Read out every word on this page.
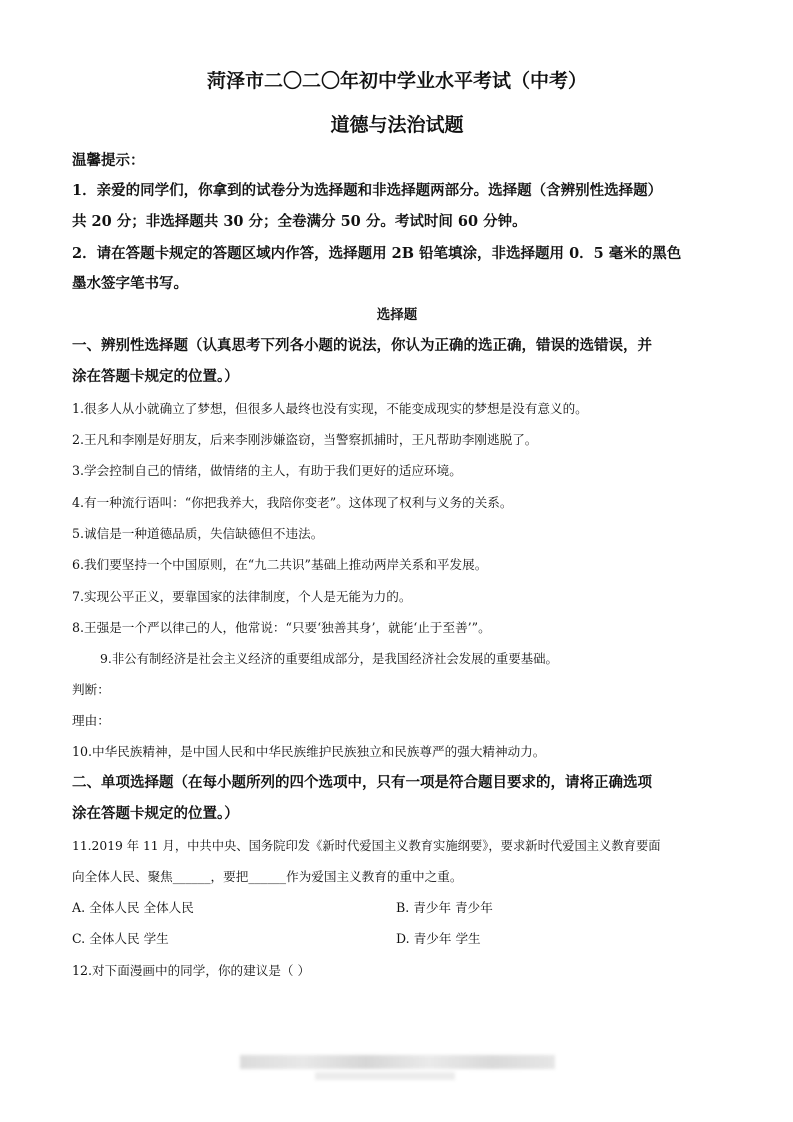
菏泽市二〇二〇年初中学业水平考试（中考）
道德与法治试题
温馨提示：
1．亲爱的同学们，你拿到的试卷分为选择题和非选择题两部分。选择题（含辨别性选择题）
共 20 分；非选择题共 30 分；全卷满分 50 分。考试时间 60 分钟。
2．请在答题卡规定的答题区域内作答，选择题用 2B 铅笔填涂，非选择题用 0．5 毫米的黑色
墨水签字笔书写。
选择题
一、辨别性选择题（认真思考下列各小题的说法，你认为正确的选正确，错误的选错误，并
涂在答题卡规定的位置。）
1.很多人从小就确立了梦想，但很多人最终也没有实现，不能变成现实的梦想是没有意义的。
2.王凡和李刚是好朋友，后来李刚涉嫌盗窃，当警察抓捕时，王凡帮助李刚逃脱了。
3.学会控制自己的情绪，做情绪的主人，有助于我们更好的适应环境。
4.有一种流行语叫：“你把我养大，我陪你变老”。这体现了权利与义务的关系。
5.诚信是一种道德品质，失信缺德但不违法。
6.我们要坚持一个中国原则，在“九二共识”基础上推动两岸关系和平发展。
7.实现公平正义，要靠国家的法律制度，个人是无能为力的。
8.王强是一个严以律己的人，他常说：“只要‘独善其身’，就能‘止于至善’”。
9.非公有制经济是社会主义经济的重要组成部分，是我国经济社会发展的重要基础。
判断：
理由：
10.中华民族精神，是中国人民和中华民族维护民族独立和民族尊严的强大精神动力。
二、单项选择题（在每小题所列的四个选项中，只有一项是符合题目要求的，请将正确选项
涂在答题卡规定的位置。）
11.2019 年 11 月，中共中央、国务院印发《新时代爱国主义教育实施纲要》，要求新时代爱国主义教育要面
向全体人民、聚焦______，要把______作为爱国主义教育的重中之重。
A. 全体人民 全体人民	B. 青少年 青少年
C. 全体人民 学生	D. 青少年 学生
12.对下面漫画中的同学，你的建议是（ ）
